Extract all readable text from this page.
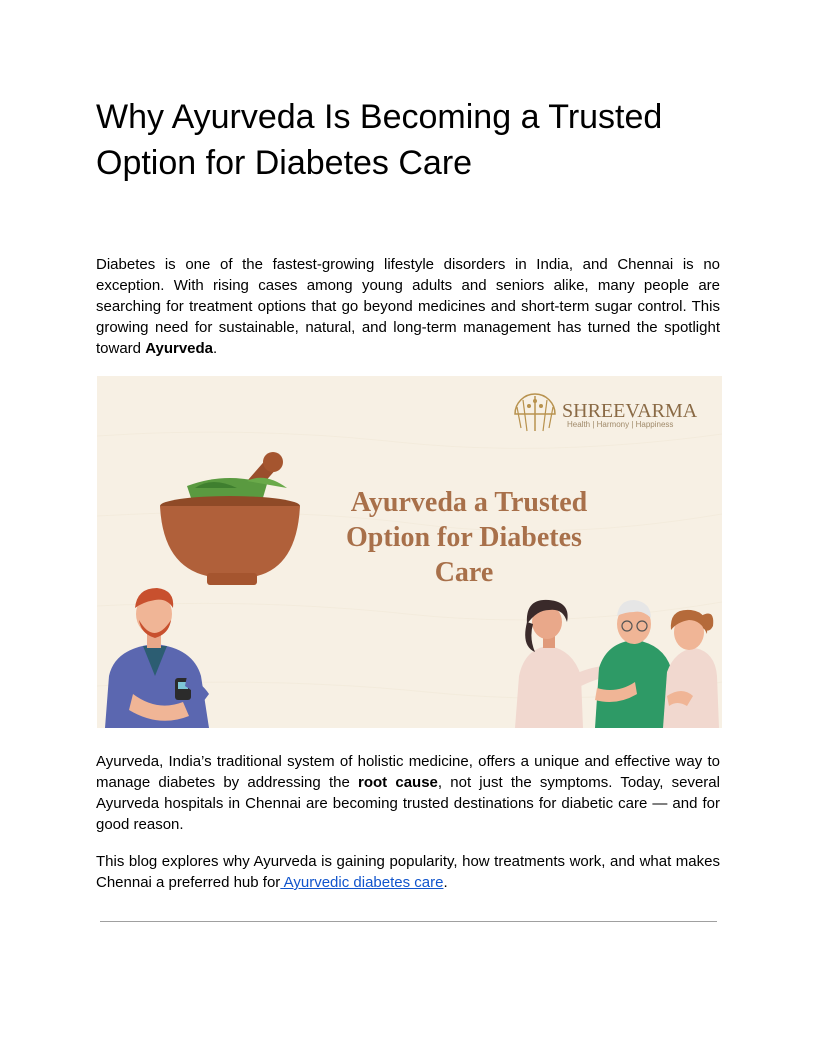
Why Ayurveda Is Becoming a Trusted Option for Diabetes Care

Diabetes is one of the fastest-growing lifestyle disorders in India, and Chennai is no exception. With rising cases among young adults and seniors alike, many people are searching for treatment options that go beyond medicines and short-term sugar control. This growing need for sustainable, natural, and long-term management has turned the spotlight toward Ayurveda.

SHREEVARMA
Health | Harmony | Happiness
Ayurveda a Trusted
Option for Diabetes
Care

Ayurveda, India’s traditional system of holistic medicine, offers a unique and effective way to manage diabetes by addressing the root cause, not just the symptoms. Today, several Ayurveda hospitals in Chennai are becoming trusted destinations for diabetic care — and for good reason.

This blog explores why Ayurveda is gaining popularity, how treatments work, and what makes Chennai a preferred hub for Ayurvedic diabetes care.
